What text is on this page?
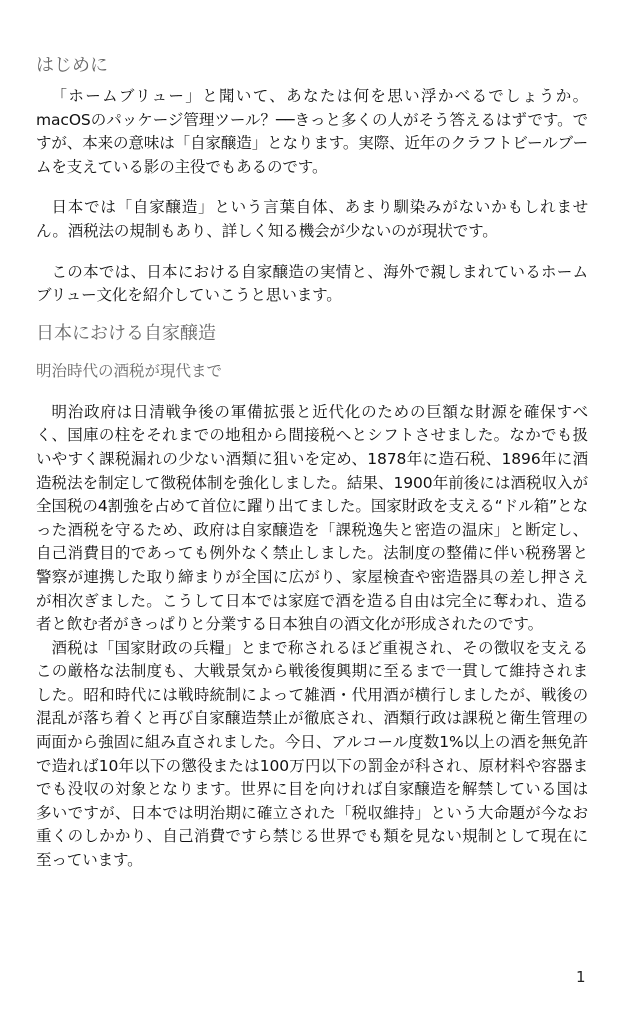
はじめに

「ホームブリュー」と聞いて、あなたは何を思い浮かべるでしょうか。macOSのパッケージ管理ツール？──きっと多くの人がそう答えるはずです。ですが、本来の意味は「自家醸造」となります。実際、近年のクラフトビールブームを支えている影の主役でもあるのです。

日本では「自家醸造」という言葉自体、あまり馴染みがないかもしれません。酒税法の規制もあり、詳しく知る機会が少ないのが現状です。

この本では、日本における自家醸造の実情と、海外で親しまれているホームブリュー文化を紹介していこうと思います。

日本における自家醸造
明治時代の酒税が現代まで

明治政府は日清戦争後の軍備拡張と近代化のための巨額な財源を確保すべく、国庫の柱をそれまでの地租から間接税へとシフトさせました。なかでも扱いやすく課税漏れの少ない酒類に狙いを定め、1878年に造石税、1896年に酒造税法を制定して徴税体制を強化しました。結果、1900年前後には酒税収入が全国税の4割強を占めて首位に躍り出てました。国家財政を支える“ドル箱”となった酒税を守るため、政府は自家醸造を「課税逸失と密造の温床」と断定し、自己消費目的であっても例外なく禁止しました。法制度の整備に伴い税務署と警察が連携した取り締まりが全国に広がり、家屋検査や密造器具の差し押さえが相次ぎました。こうして日本では家庭で酒を造る自由は完全に奪われ、造る者と飲む者がきっぱりと分業する日本独自の酒文化が形成されたのです。

酒税は「国家財政の兵糧」とまで称されるほど重視され、その徴収を支えるこの厳格な法制度も、大戦景気から戦後復興期に至るまで一貫して維持されました。昭和時代には戦時統制によって雑酒・代用酒が横行しましたが、戦後の混乱が落ち着くと再び自家醸造禁止が徹底され、酒類行政は課税と衛生管理の両面から強固に組み直されました。今日、アルコール度数1%以上の酒を無免許で造れば10年以下の懲役または100万円以下の罰金が科され、原材料や容器までも没収の対象となります。世界に目を向ければ自家醸造を解禁している国は多いですが、日本では明治期に確立された「税収維持」という大命題が今なお重くのしかかり、自己消費ですら禁じる世界でも類を見ない規制として現在に至っています。

1
